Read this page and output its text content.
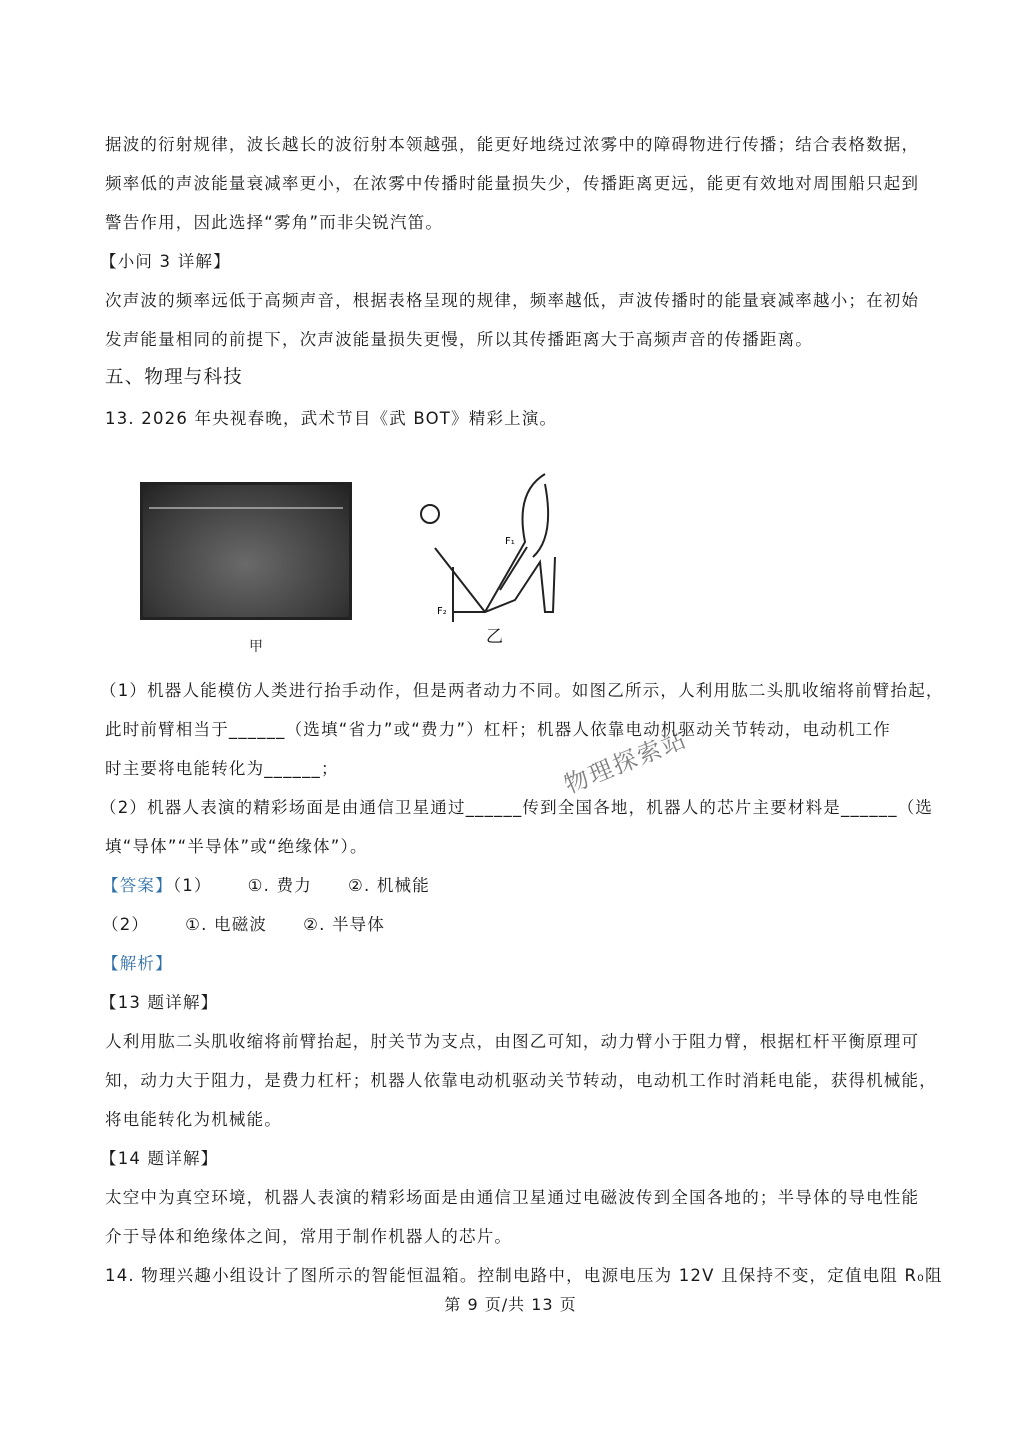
据波的衍射规律，波长越长的波衍射本领越强，能更好地绕过浓雾中的障碍物进行传播；结合表格数据，
频率低的声波能量衰减率更小，在浓雾中传播时能量损失少，传播距离更远，能更有效地对周围船只起到
警告作用，因此选择“雾角”而非尖锐汽笛。
【小问 3 详解】
次声波的频率远低于高频声音，根据表格呈现的规律，频率越低，声波传播时的能量衰减率越小；在初始
发声能量相同的前提下，次声波能量损失更慢，所以其传播距离大于高频声音的传播距离。
五、物理与科技
13. 2026 年央视春晚，武术节目《武 BOT》精彩上演。
甲
F₁
F₂
乙
（1）机器人能模仿人类进行抬手动作，但是两者动力不同。如图乙所示，人利用肱二头肌收缩将前臂抬起，
此时前臂相当于______（选填“省力”或“费力”）杠杆；机器人依靠电动机驱动关节转动，电动机工作
时主要将电能转化为______；
（2）机器人表演的精彩场面是由通信卫星通过______传到全国各地，机器人的芯片主要材料是______（选
填“导体”“半导体”或“绝缘体”）。
【答案】（1） ①. 费力 ②. 机械能
（2） ①. 电磁波 ②. 半导体
【解析】
【13 题详解】
人利用肱二头肌收缩将前臂抬起，肘关节为支点，由图乙可知，动力臂小于阻力臂，根据杠杆平衡原理可
知，动力大于阻力，是费力杠杆；机器人依靠电动机驱动关节转动，电动机工作时消耗电能，获得机械能，
将电能转化为机械能。
【14 题详解】
太空中为真空环境，机器人表演的精彩场面是由通信卫星通过电磁波传到全国各地的；半导体的导电性能
介于导体和绝缘体之间，常用于制作机器人的芯片。
14. 物理兴趣小组设计了图所示的智能恒温箱。控制电路中，电源电压为 12V 且保持不变，定值电阻 R₀阻
物理探索站
第 9 页/共 13 页
